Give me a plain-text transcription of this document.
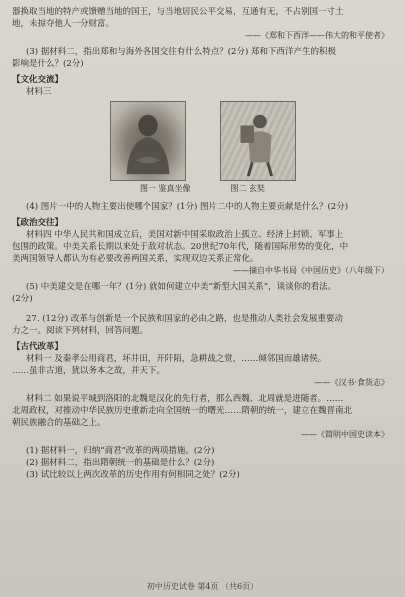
器换取当地的特产或馈赠当地的国王，与当地居民公平交易，互通有无，不占别国一寸土
地，未掠夺他人一分财富。
——《郑和下西洋——伟大的和平使者》
(3) 据材料二，指出郑和与海外各国交往有什么特点？(2分) 郑和下西洋产生的积极
影响是什么？(2分)
【文化交流】
材料三
图一 鉴真坐像	图二 玄奘
(4) 图片一中的人物主要出使哪个国家？(1分) 图片二中的人物主要贡献是什么？(2分)
【政治交往】
材料四 中华人民共和国成立后，美国对新中国采取政治上孤立、经济上封锁、军事上
包围的政策。中美关系长期以来处于敌对状态。20世纪70年代，随着国际形势的变化，中
美两国领导人都认为有必要改善两国关系，实现双边关系正常化。
——摘自中华书局《中国历史》（八年级下）
(5) 中美建交是在哪一年？(1分) 就如何建立中美“新型大国关系”，谈谈你的看法。
(2分)
27. (12分) 改革与创新是一个民族和国家的必由之路，也是推动人类社会发展重要动
力之一。阅读下列材料，回答问题。
【古代改革】
材料一 及秦孝公用商君，坏井田，开阡陌，急耕战之赏，……倾邻国而雄诸侯。
……虽非古道，犹以务本之故，并天下。
——《汉书·食货志》
材料二 如果说平城到洛阳的北魏是汉化的先行者，那么西魏、北周就是进随者。……
北周政权，对推动中华民族历史重新走向全国统一的曙光……隋朝的统一，建立在魏晋南北
朝民族融合的基础之上。
——《简明中国史读本》
(1) 据材料一，归纳“商君”改革的两项措施。(2分)
(2) 据材料二，指出隋朝统一的基础是什么？(2分)
(3) 试比较以上两次改革的历史作用有何相同之处？(2分)
初中历史试卷 第4页 （共6页）
